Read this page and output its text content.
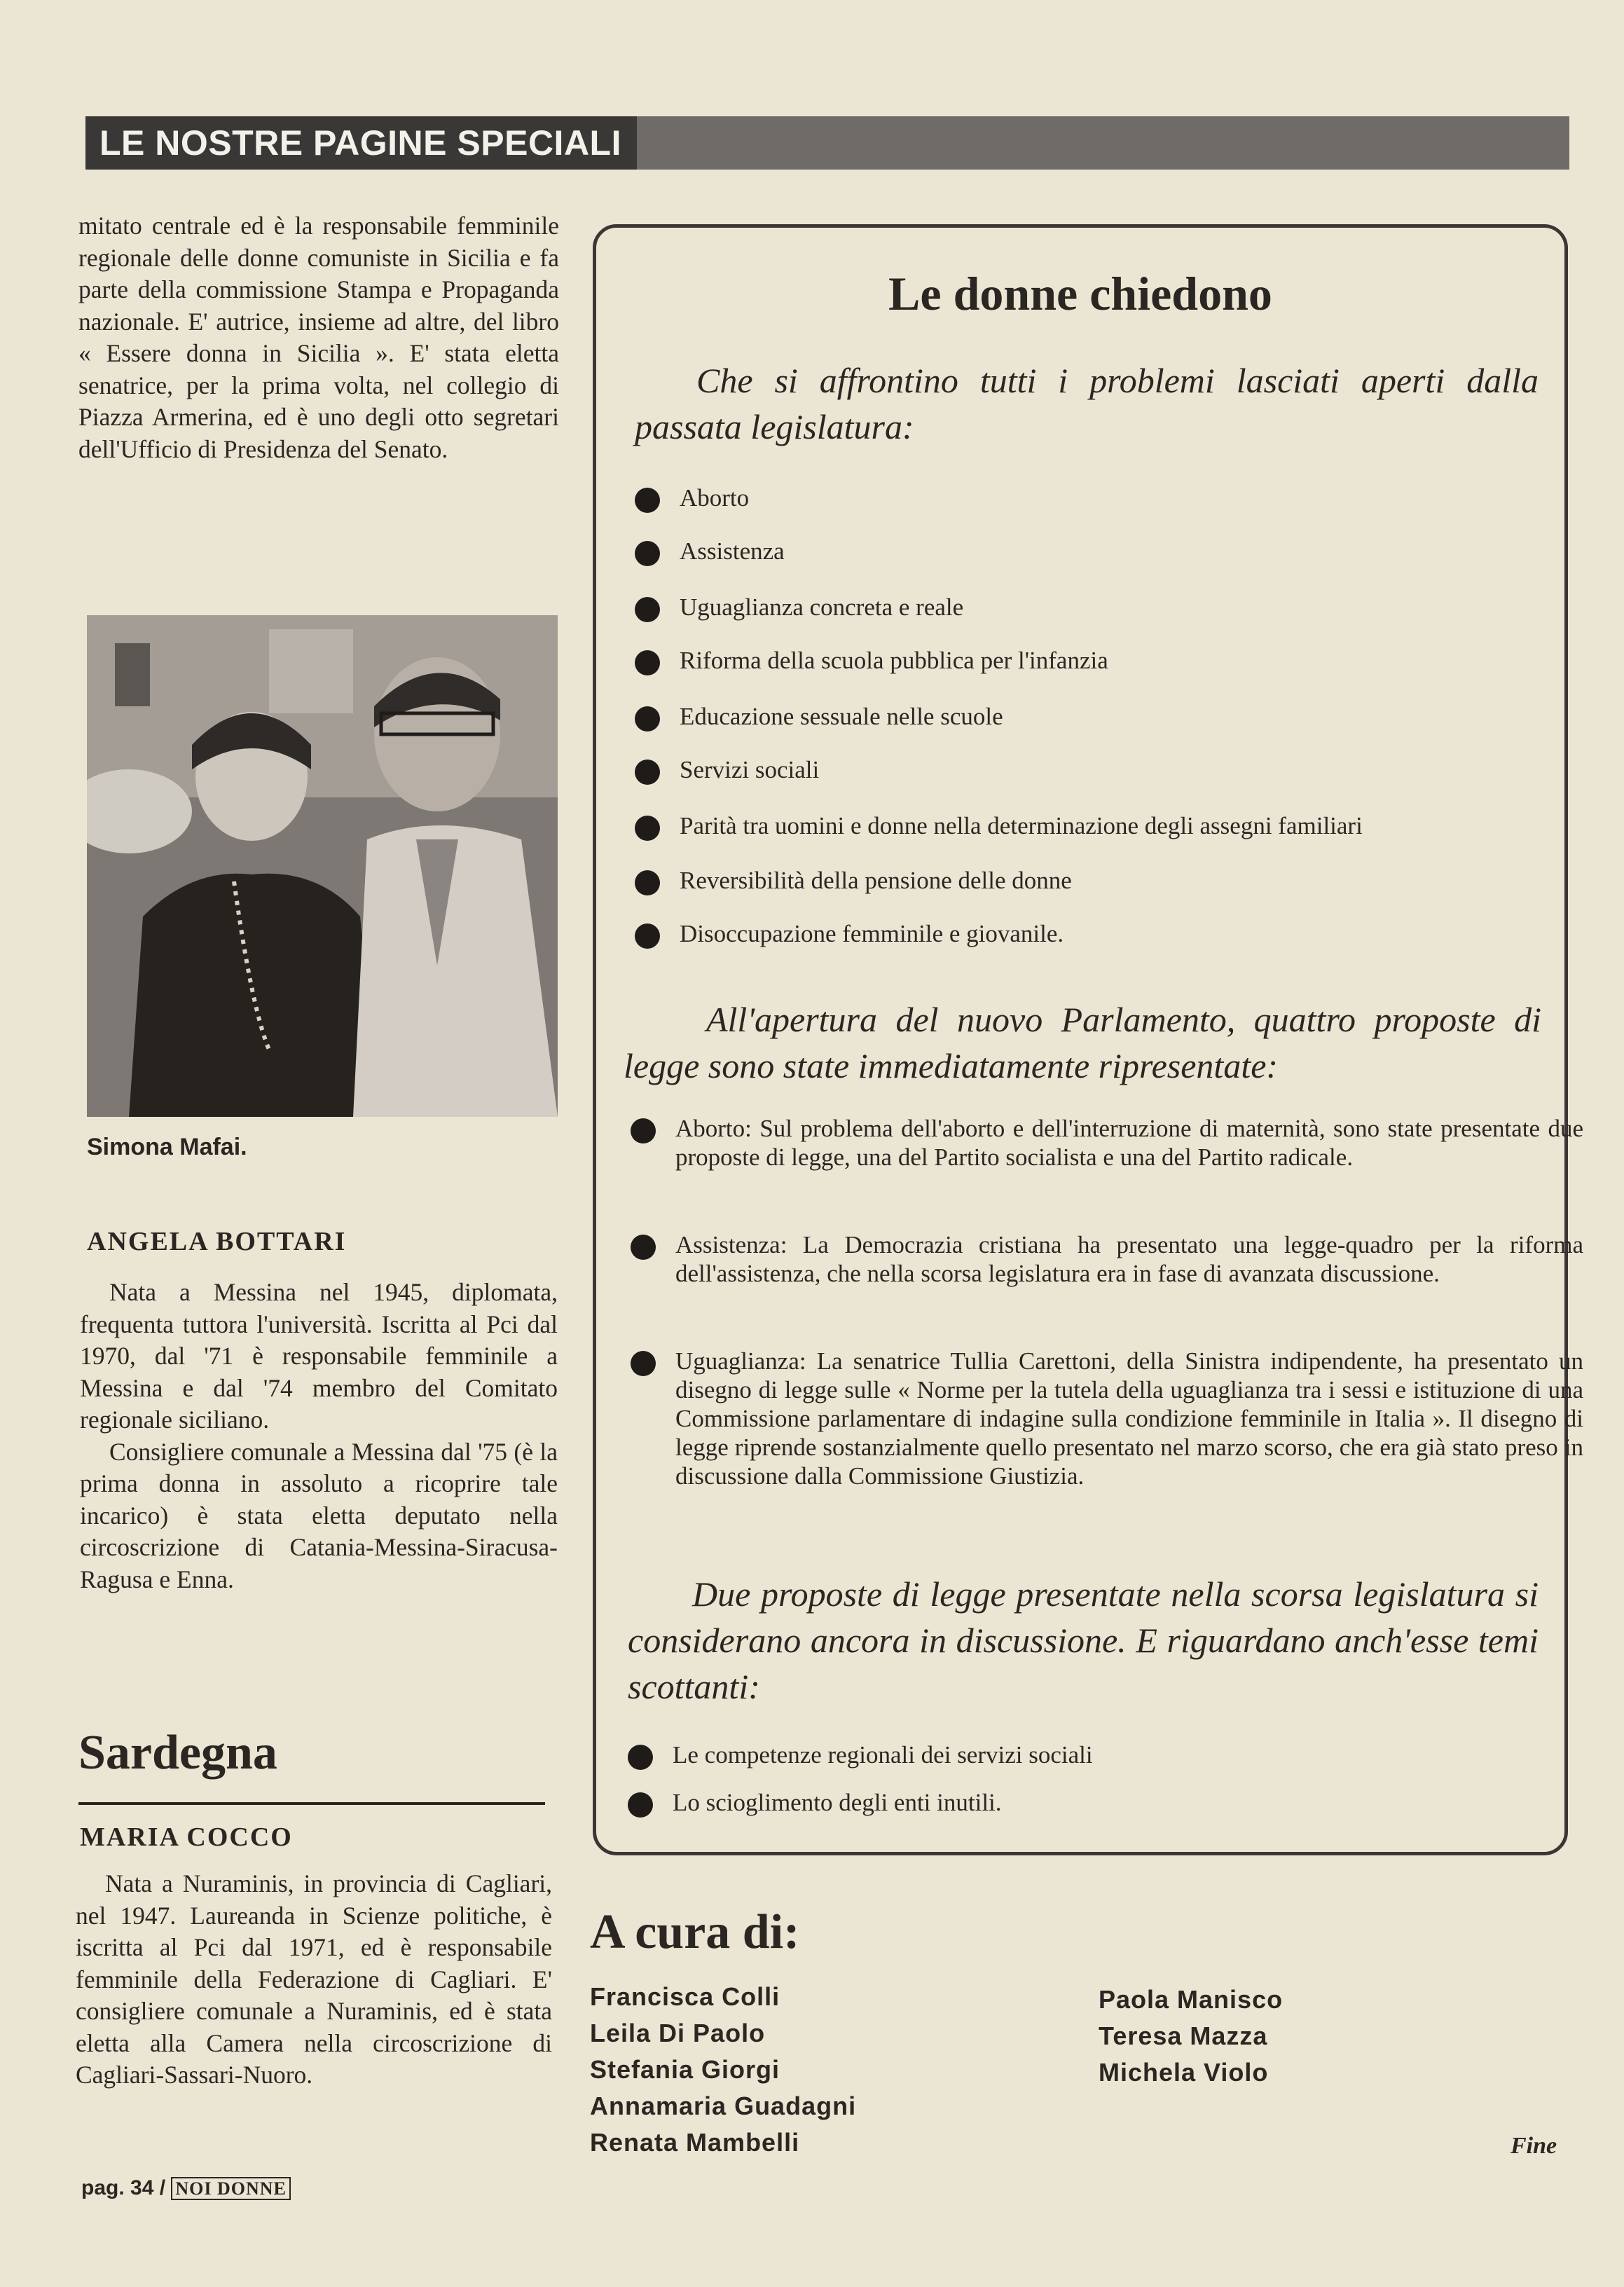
LE NOSTRE PAGINE SPECIALI

mitato centrale ed è la responsabile femminile regionale delle donne comuniste in Sicilia e fa parte della commissione Stampa e Propaganda nazionale. E' autrice, insieme ad altre, del libro « Essere donna in Sicilia ». E' stata eletta senatrice, per la prima volta, nel collegio di Piazza Armerina, ed è uno degli otto segretari dell'Ufficio di Presidenza del Senato.

Simona Mafai.
ANGELA BOTTARI

Nata a Messina nel 1945, diplomata, frequenta tuttora l'università. Iscritta al Pci dal 1970, dal '71 è responsabile femminile a Messina e dal '74 membro del Comitato regionale siciliano.

Consigliere comunale a Messina dal '75 (è la prima donna in assoluto a ricoprire tale incarico) è stata eletta deputato nella circoscrizione di Catania-Messina-Siracusa-Ragusa e Enna.

Sardegna
MARIA COCCO

Nata a Nuraminis, in provincia di Cagliari, nel 1947. Laureanda in Scienze politiche, è iscritta al Pci dal 1971, ed è responsabile femminile della Federazione di Cagliari. E' consigliere comunale a Nuraminis, ed è stata eletta alla Camera nella circoscrizione di Cagliari-Sassari-Nuoro.

Le donne chiedono

Che si affrontino tutti i problemi lasciati aperti dalla passata legislatura:

Aborto
Assistenza
Uguaglianza concreta e reale
Riforma della scuola pubblica per l'infanzia
Educazione sessuale nelle scuole
Servizi sociali
Parità tra uomini e donne nella determinazione degli assegni familiari
Reversibilità della pensione delle donne
Disoccupazione femminile e giovanile.

All'apertura del nuovo Parlamento, quattro proposte di legge sono state immediatamente ripresentate:

Aborto: Sul problema dell'aborto e dell'interruzione di maternità, sono state presentate due proposte di legge, una del Partito socialista e una del Partito radicale.
Assistenza: La Democrazia cristiana ha presentato una legge-quadro per la riforma dell'assistenza, che nella scorsa legislatura era in fase di avanzata discussione.
Uguaglianza: La senatrice Tullia Carettoni, della Sinistra indipendente, ha presentato un disegno di legge sulle « Norme per la tutela della uguaglianza tra i sessi e istituzione di una Commissione parlamentare di indagine sulla condizione femminile in Italia ». Il disegno di legge riprende sostanzialmente quello presentato nel marzo scorso, che era già stato preso in discussione dalla Commissione Giustizia.

Due proposte di legge presentate nella scorsa legislatura si considerano ancora in discussione. E riguardano anch'esse temi scottanti:

Le competenze regionali dei servizi sociali
Lo scioglimento degli enti inutili.
A cura di:
Francisca Colli
Leila Di Paolo
Stefania Giorgi
Annamaria Guadagni
Renata Mambelli
Paola Manisco
Teresa Mazza
Michela Violo
pag. 34 / NOI DONNE
Fine
